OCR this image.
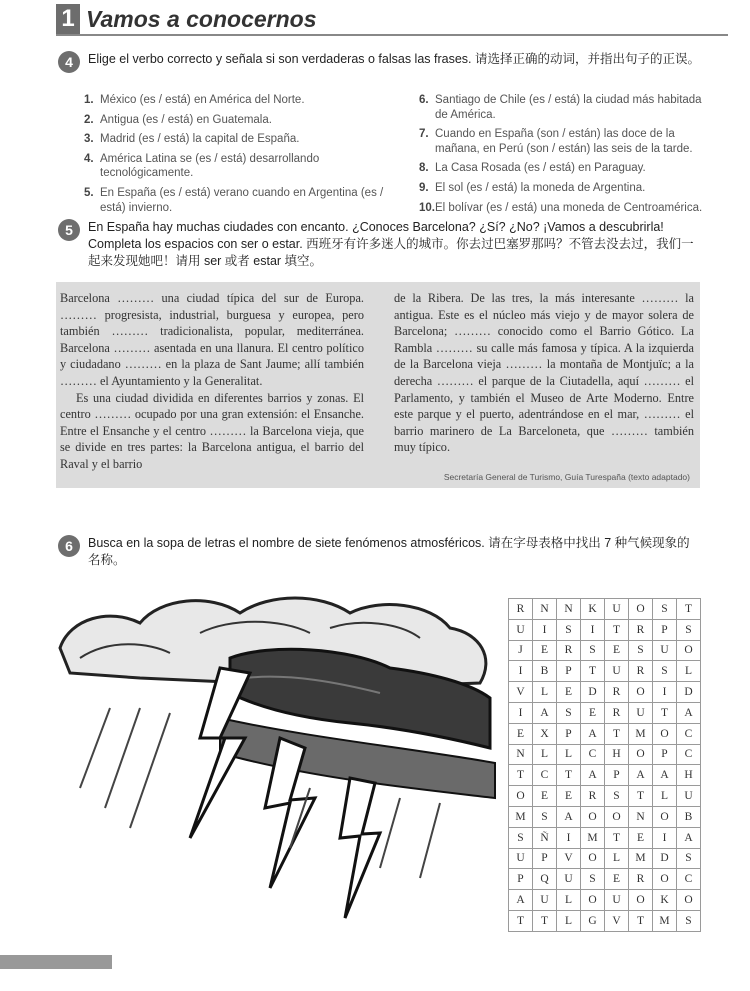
1 Vamos a conocernos
4	Elige el verbo correcto y señala si son verdaderas o falsas las frases. 请选择正确的动词，并指出句子的正误。
1. México (es / está) en América del Norte.
2. Antigua (es / está) en Guatemala.
3. Madrid (es / está) la capital de España.
4. América Latina se (es / está) desarrollando tecnológicamente.
5. En España (es / está) verano cuando en Argentina (es / está) invierno.
6. Santiago de Chile (es / está) la ciudad más habitada de América.
7. Cuando en España (son / están) las doce de la mañana, en Perú (son / están) las seis de la tarde.
8. La Casa Rosada (es / está) en Paraguay.
9. El sol (es / está) la moneda de Argentina.
10.El bolívar (es / está) una moneda de Centroamérica.
5	En España hay muchas ciudades con encanto. ¿Conoces Barcelona? ¿Sí? ¿No? ¡Vamos a descubrirla! Completa los espacios con ser o estar. 西班牙有许多迷人的城市。你去过巴塞罗那吗？不管去没去过，我们一起来发现她吧！请用 ser 或者 estar 填空。

Barcelona ……… una ciudad típica del sur de Europa. ……… progresista, industrial, burguesa y europea, pero también ……… tradicionalista, popular, mediterránea. Barcelona ……… asentada en una llanura. El centro político y ciudadano ……… en la plaza de Sant Jaume; allí también ……… el Ayuntamiento y la Generalitat.

Es una ciudad dividida en diferentes barrios y zonas. El centro ……… ocupado por una gran extensión: el Ensanche. Entre el Ensanche y el centro ……… la Barcelona vieja, que se divide en tres partes: la Barcelona antigua, el barrio del Raval y el barrio

de la Ribera. De las tres, la más interesante ……… la antigua. Este es el núcleo más viejo y de mayor solera de Barcelona; ……… conocido como el Barrio Gótico. La Rambla ……… su calle más famosa y típica. A la izquierda de la Barcelona vieja ……… la montaña de Montjuïc; a la derecha ……… el parque de la Ciutadella, aquí ……… el Parlamento, y también el Museo de Arte Moderno. Entre este parque y el puerto, adentrándose en el mar, ……… el barrio marinero de La Barceloneta, que ……… también muy típico.

Secretaría General de Turismo, Guía Turespaña (texto adaptado)
6	Busca en la sopa de letras el nombre de siete fenómenos atmosféricos. 请在字母表格中找出 7 种气候现象的名称。
R	N	N	K	U	O	S	T
U	I	S	I	T	R	P	S
J	E	R	S	E	S	U	O
I	B	P	T	U	R	S	L
V	L	E	D	R	O	I	D
I	A	S	E	R	U	T	A
E	X	P	A	T	M	O	C
N	L	L	C	H	O	P	C
T	C	T	A	P	A	A	H
O	E	E	R	S	T	L	U
M	S	A	O	O	N	O	B
S	Ñ	I	M	T	E	I	A
U	P	V	O	L	M	D	S
P	Q	U	S	E	R	O	C
A	U	L	O	U	O	K	O
T	T	L	G	V	T	M	S
